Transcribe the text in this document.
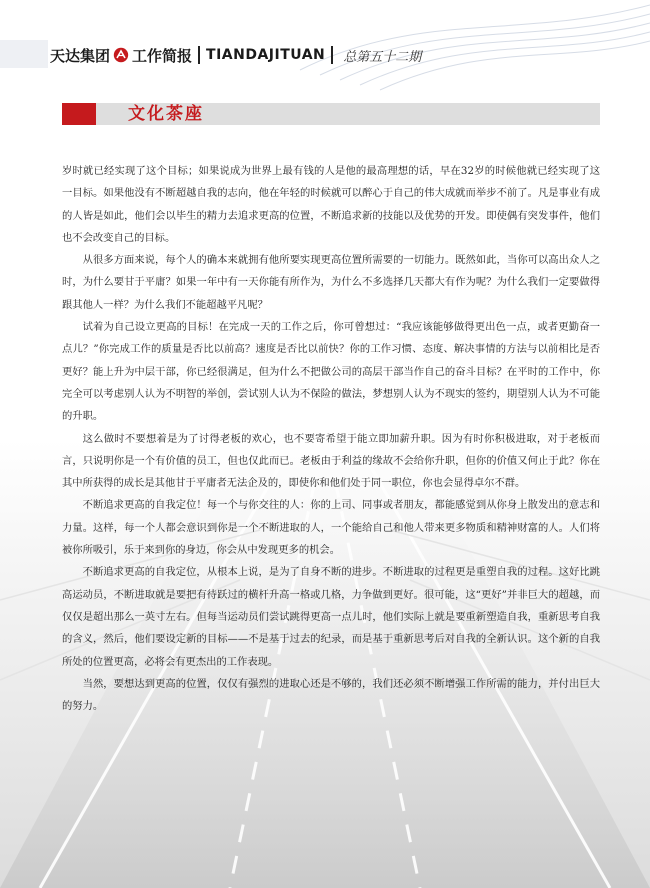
天达集团 工作简报 TIANDAJITUAN 总第五十二期
文化茶座

岁时就已经实现了这个目标；如果说成为世界上最有钱的人是他的最高理想的话，早在32岁的时候他就已经实现了这一目标。如果他没有不断超越自我的志向，他在年轻的时候就可以醉心于自己的伟大成就而举步不前了。凡是事业有成的人皆是如此，他们会以毕生的精力去追求更高的位置，不断追求新的技能以及优势的开发。即使偶有突发事件，他们也不会改变自己的目标。

从很多方面来说，每个人的确本来就拥有他所要实现更高位置所需要的一切能力。既然如此，当你可以高出众人之时，为什么要甘于平庸？如果一年中有一天你能有所作为，为什么不多选择几天都大有作为呢？为什么我们一定要做得跟其他人一样？为什么我们不能超越平凡呢？

试着为自己设立更高的目标！在完成一天的工作之后，你可曾想过：“我应该能够做得更出色一点，或者更勤奋一点儿？”你完成工作的质量是否比以前高？速度是否比以前快？你的工作习惯、态度、解决事情的方法与以前相比是否更好？能上升为中层干部，你已经很满足，但为什么不把做公司的高层干部当作自己的奋斗目标？在平时的工作中，你完全可以考虑别人认为不明智的举创，尝试别人认为不保险的做法，梦想别人认为不现实的签约，期望别人认为不可能的升职。

这么做时不要想着是为了讨得老板的欢心，也不要寄希望于能立即加薪升职。因为有时你积极进取，对于老板而言，只说明你是一个有价值的员工，但也仅此而已。老板由于利益的缘故不会给你升职，但你的价值又何止于此？你在其中所获得的成长是其他甘于平庸者无法企及的，即使你和他们处于同一职位，你也会显得卓尔不群。

不断追求更高的自我定位！每一个与你交往的人：你的上司、同事或者朋友，都能感觉到从你身上散发出的意志和力量。这样，每一个人都会意识到你是一个不断进取的人，一个能给自己和他人带来更多物质和精神财富的人。人们将被你所吸引，乐于来到你的身边，你会从中发现更多的机会。

不断追求更高的自我定位，从根本上说，是为了自身不断的进步。不断进取的过程更是重塑自我的过程。这好比跳高运动员，不断进取就是要把有待跃过的横杆升高一格或几格，力争做到更好。很可能，这“更好”并非巨大的超越，而仅仅是超出那么一英寸左右。但每当运动员们尝试跳得更高一点儿时，他们实际上就是要重新塑造自我，重新思考自我的含义，然后，他们要设定新的目标——不是基于过去的纪录，而是基于重新思考后对自我的全新认识。这个新的自我所处的位置更高，必将会有更杰出的工作表现。

当然，要想达到更高的位置，仅仅有强烈的进取心还是不够的，我们还必须不断增强工作所需的能力，并付出巨大的努力。
